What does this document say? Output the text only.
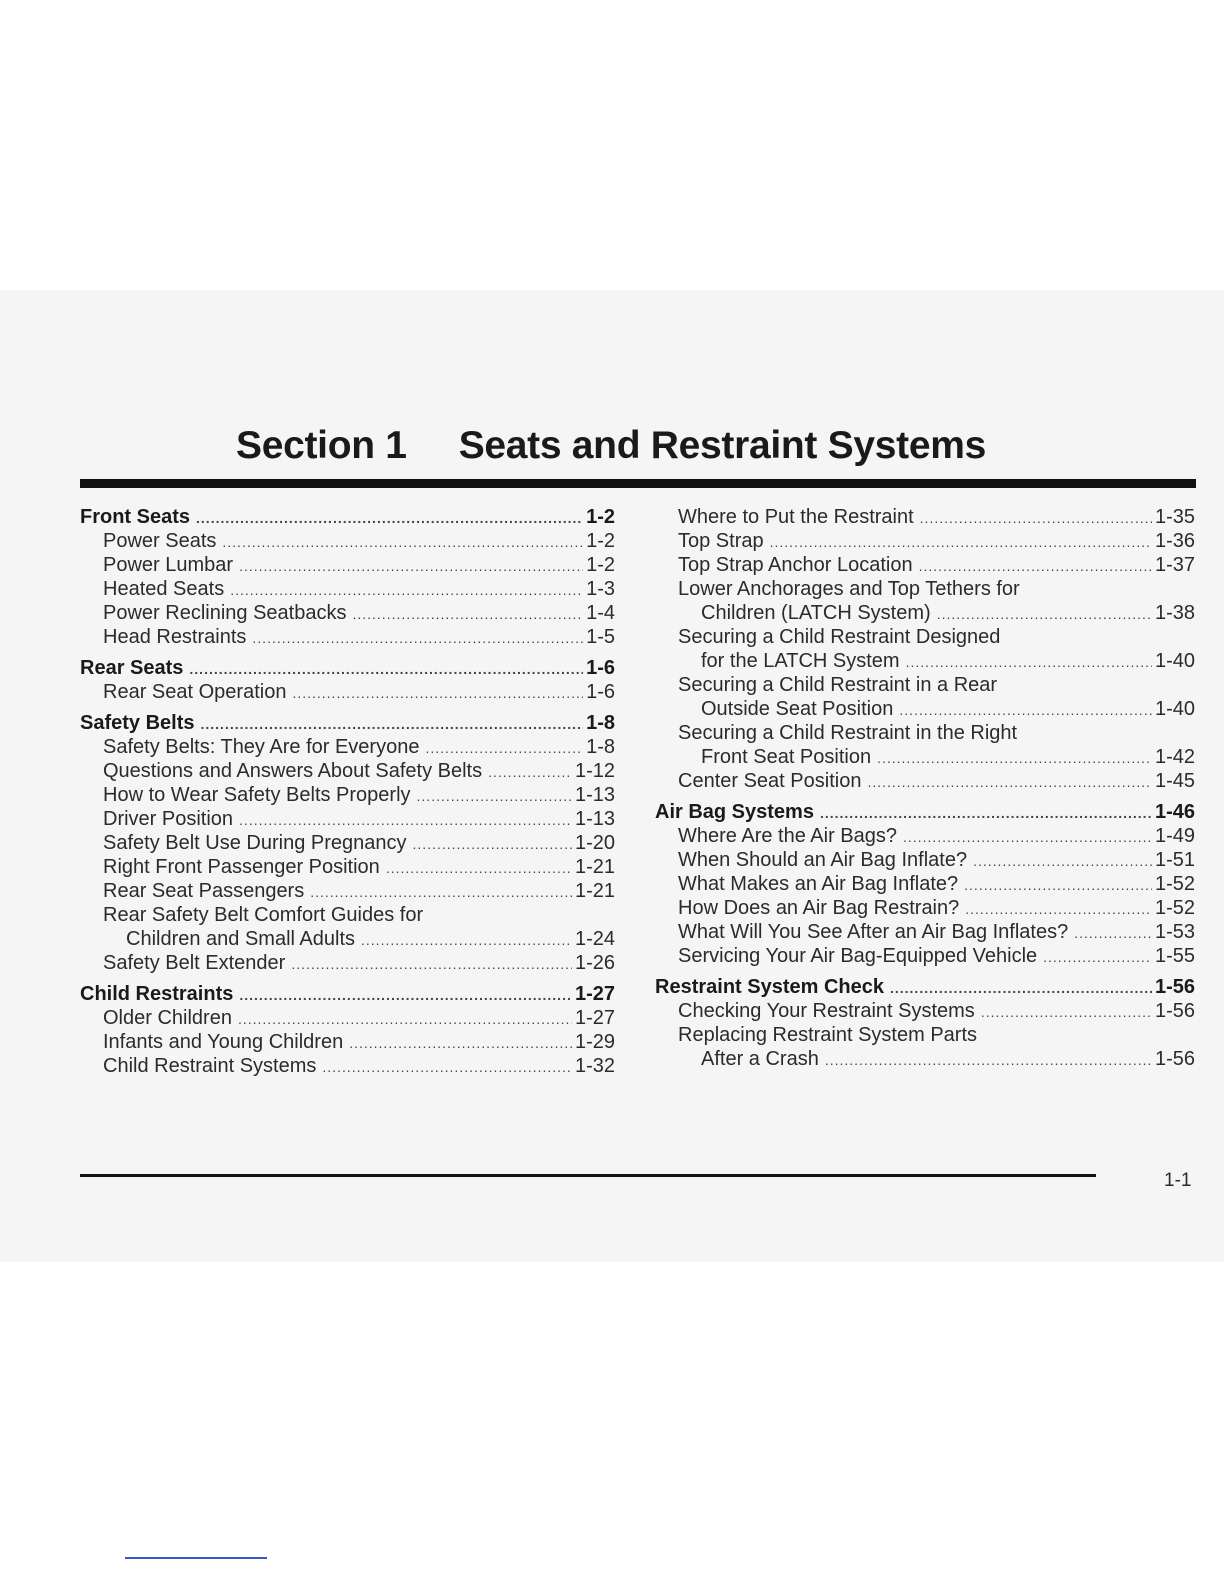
Section 1 Seats and Restraint Systems
Front Seats .....	1-2
Power Seats .....	1-2
Power Lumbar .....	1-2
Heated Seats .....	1-3
Power Reclining Seatbacks .....	1-4
Head Restraints .....	1-5
Rear Seats .....	1-6
Rear Seat Operation .....	1-6
Safety Belts .....	1-8
Safety Belts: They Are for Everyone .....	1-8
Questions and Answers About Safety Belts .....	1-12
How to Wear Safety Belts Properly .....	1-13
Driver Position .....	1-13
Safety Belt Use During Pregnancy .....	1-20
Right Front Passenger Position .....	1-21
Rear Seat Passengers .....	1-21
Rear Safety Belt Comfort Guides for
Children and Small Adults .....	1-24
Safety Belt Extender .....	1-26
Child Restraints .....	1-27
Older Children .....	1-27
Infants and Young Children .....	1-29
Child Restraint Systems .....	1-32
Where to Put the Restraint .....	1-35
Top Strap .....	1-36
Top Strap Anchor Location .....	1-37
Lower Anchorages and Top Tethers for
Children (LATCH System) .....	1-38
Securing a Child Restraint Designed
for the LATCH System .....	1-40
Securing a Child Restraint in a Rear
Outside Seat Position .....	1-40
Securing a Child Restraint in the Right
Front Seat Position .....	1-42
Center Seat Position .....	1-45
Air Bag Systems .....	1-46
Where Are the Air Bags? .....	1-49
When Should an Air Bag Inflate? .....	1-51
What Makes an Air Bag Inflate? .....	1-52
How Does an Air Bag Restrain? .....	1-52
What Will You See After an Air Bag Inflates? .....	1-53
Servicing Your Air Bag-Equipped Vehicle .....	1-55
Restraint System Check .....	1-56
Checking Your Restraint Systems .....	1-56
Replacing Restraint System Parts
After a Crash .....	1-56
1-1
